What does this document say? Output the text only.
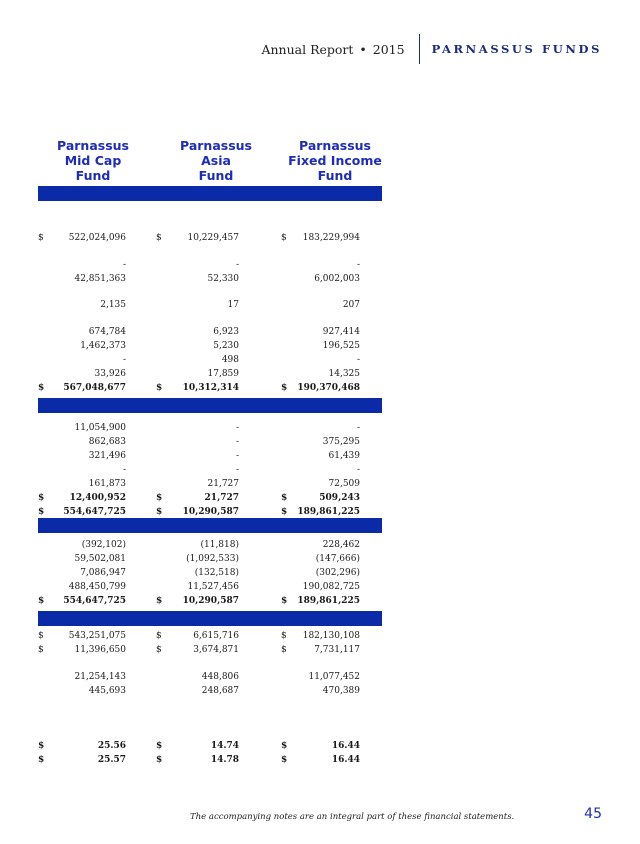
Annual Report • 2015 PARNASSUS FUNDS
Parnassus
Mid Cap
Fund
Parnassus
Asia
Fund
Parnassus
Fixed Income
Fund
$	522,024,096	$	10,229,457	$ 183,229,994
-	-	-
42,851,363	52,330	6,002,003
2,135	17	207
674,784	6,923	927,414
1,462,373	5,230	196,525
-	498	-
33,926	17,859	14,325
$ 567,048,677	$ 10,312,314	$ 190,370,468
11,054,900	-	-
862,683	-	375,295
321,496	-	61,439
-	-	-
161,873	21,727	72,509
$	12,400,952	$	21,727	$	509,243
$ 554,647,725	$ 10,290,587	$ 189,861,225
(392,102)	(11,818)	228,462
59,502,081	(1,092,533)	(147,666)
7,086,947	(132,518)	(302,296)
488,450,799	11,527,456	190,082,725
$ 554,647,725	$ 10,290,587	$ 189,861,225
$	543,251,075	$	6,615,716	$ 182,130,108
$	11,396,650	$	3,674,871	$	7,731,117
21,254,143	448,806	11,077,452
445,693	248,687	470,389
$	25.56	$	14.74	$	16.44
$	25.57	$	14.78	$	16.44
The accompanying notes are an integral part of these financial statements.	45
